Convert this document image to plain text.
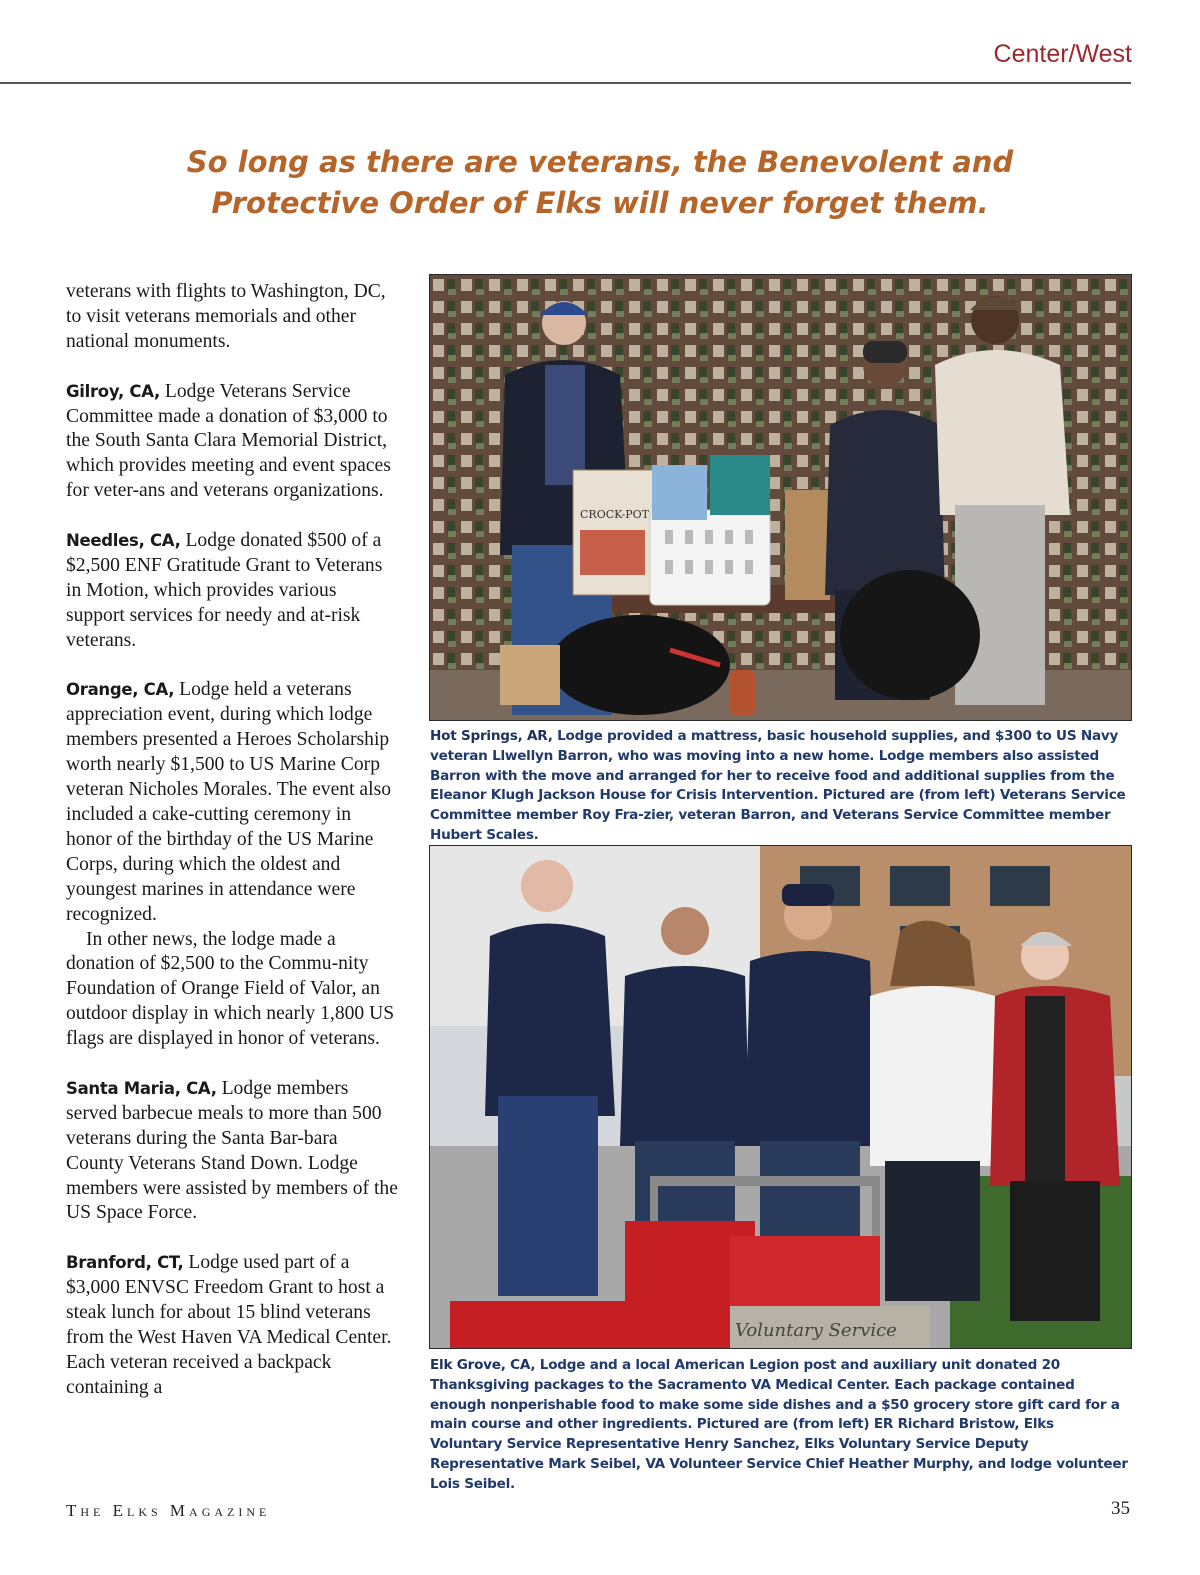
Center/West
So long as there are veterans, the Benevolent and Protective Order of Elks will never forget them.

veterans with flights to Washington, DC, to visit veterans memorials and other national monuments.

Gilroy, CA, Lodge Veterans Service Committee made a donation of $3,000 to the South Santa Clara Memorial District, which provides meeting and event spaces for veter-ans and veterans organizations.

Needles, CA, Lodge donated $500 of a $2,500 ENF Gratitude Grant to Veterans in Motion, which provides various support services for needy and at-risk veterans.

Orange, CA, Lodge held a veterans appreciation event, during which lodge members presented a Heroes Scholarship worth nearly $1,500 to US Marine Corp veteran Nicholes Morales. The event also included a cake-cutting ceremony in honor of the birthday of the US Marine Corps, during which the oldest and youngest marines in attendance were recognized.

In other news, the lodge made a donation of $2,500 to the Commu-nity Foundation of Orange Field of Valor, an outdoor display in which nearly 1,800 US flags are displayed in honor of veterans.

Santa Maria, CA, Lodge members served barbecue meals to more than 500 veterans during the Santa Bar-bara County Veterans Stand Down. Lodge members were assisted by members of the US Space Force.

Branford, CT, Lodge used part of a $3,000 ENVSC Freedom Grant to host a steak lunch for about 15 blind veterans from the West Haven VA Medical Center. Each veteran received a backpack containing a

CROCK-POT
Hot Springs, AR, Lodge provided a mattress, basic household supplies, and $300 to US Navy veteran Llwellyn Barron, who was moving into a new home. Lodge members also assisted Barron with the move and arranged for her to receive food and additional supplies from the Eleanor Klugh Jackson House for Crisis Intervention. Pictured are (from left) Veterans Service Committee member Roy Fra-zier, veteran Barron, and Veterans Service Committee member Hubert Scales.
Voluntary Service
Elk Grove, CA, Lodge and a local American Legion post and auxiliary unit donated 20 Thanksgiving packages to the Sacramento VA Medical Center. Each package contained enough nonperishable food to make some side dishes and a $50 grocery store gift card for a main course and other ingredients. Pictured are (from left) ER Richard Bristow, Elks Voluntary Service Representative Henry Sanchez, Elks Voluntary Service Deputy Representative Mark Seibel, VA Volunteer Service Chief Heather Murphy, and lodge volunteer Lois Seibel.
The Elks Magazine	35
